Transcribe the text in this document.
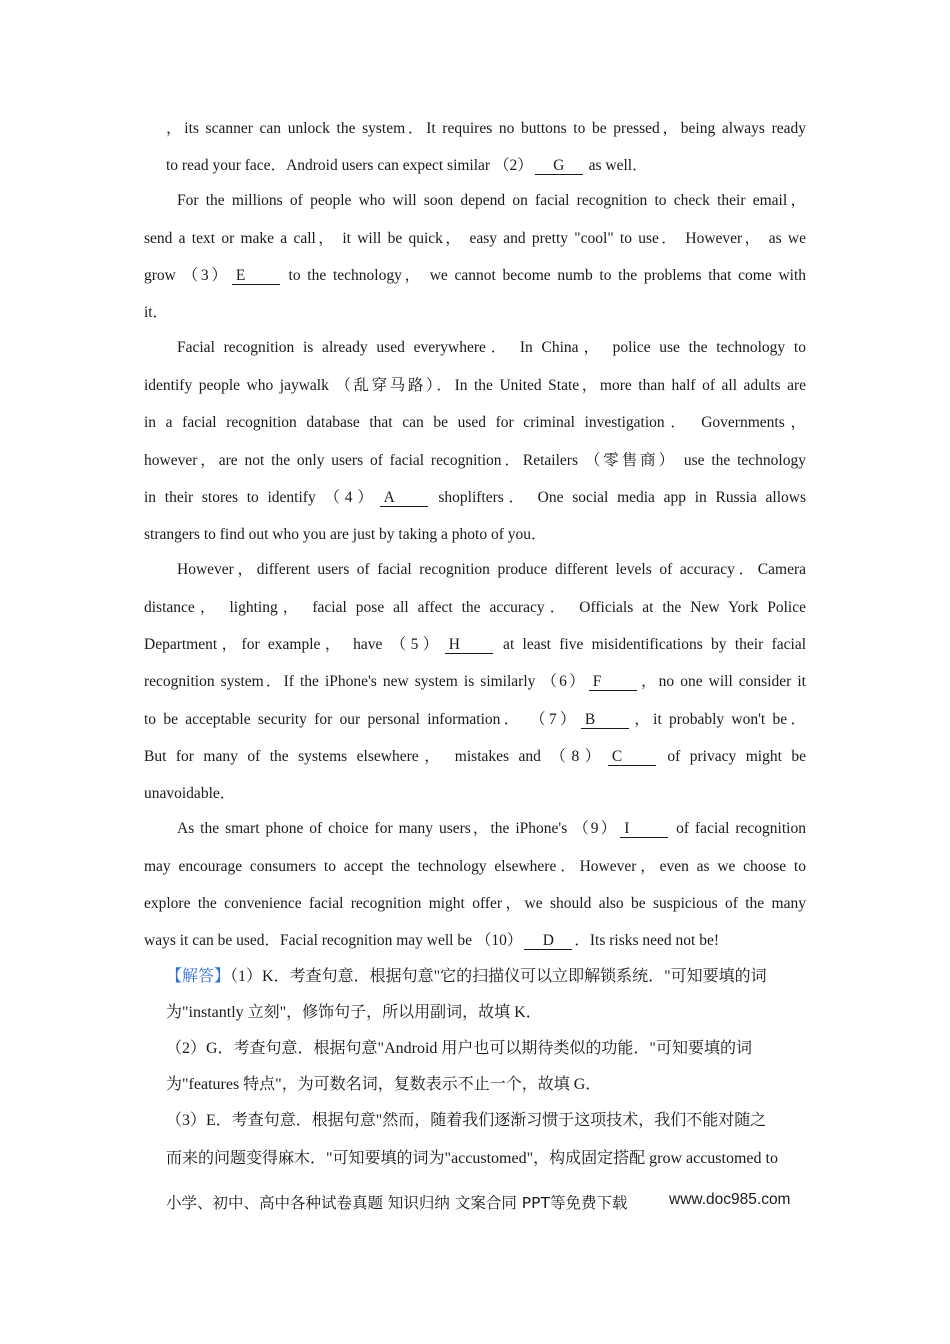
，its scanner can unlock the system．It requires no buttons to be pressed，being always ready
to read your face．Android users can expect similar （2） G as well．
For the millions of people who will soon depend on facial recognition to check their email，
send a text or make a call， it will be quick， easy and pretty "cool" to use． However， as we
grow （3） E to the technology， we cannot become numb to the problems that come with
it．
Facial recognition is already used everywhere． In China， police use the technology to
identify people who jaywalk （乱穿马路）．In the United State，more than half of all adults are
in a facial recognition database that can be used for criminal investigation． Governments，
however，are not the only users of facial recognition．Retailers （零售商） use the technology
in their stores to identify （4） A shoplifters． One social media app in Russia allows
strangers to find out who you are just by taking a photo of you．
However，different users of facial recognition produce different levels of accuracy．Camera
distance， lighting， facial pose all affect the accuracy． Officials at the New York Police
Department，for example， have （5） H at least five misidentifications by their facial
recognition system．If the iPhone's new system is similarly （6） F ，no one will consider it
to be acceptable security for our personal information． （7） B ，it probably won't be．
But for many of the systems elsewhere， mistakes and （8） C of privacy might be
unavoidable．
As the smart phone of choice for many users，the iPhone's （9） I	of facial recognition
may encourage consumers to accept the technology elsewhere．However，even as we choose to
explore the convenience facial recognition might offer，we should also be suspicious of the many
ways it can be used．Facial recognition may well be （10） D ．Its risks need not be!
【解答】（1）K．考查句意．根据句意"它的扫描仪可以立即解锁系统．"可知要填的词
为"instantly 立刻"，修饰句子，所以用副词，故填 K．
（2）G．考查句意．根据句意"Android 用户也可以期待类似的功能．"可知要填的词
为"features 特点"，为可数名词，复数表示不止一个，故填 G．
（3）E．考查句意．根据句意"然而，随着我们逐渐习惯于这项技术，我们不能对随之
而来的问题变得麻木．"可知要填的词为"accustomed"，构成固定搭配 grow accustomed to
小学、初中、高中各种试卷真题 知识归纳 文案合同 PPT等免费下载	www.doc985.com
